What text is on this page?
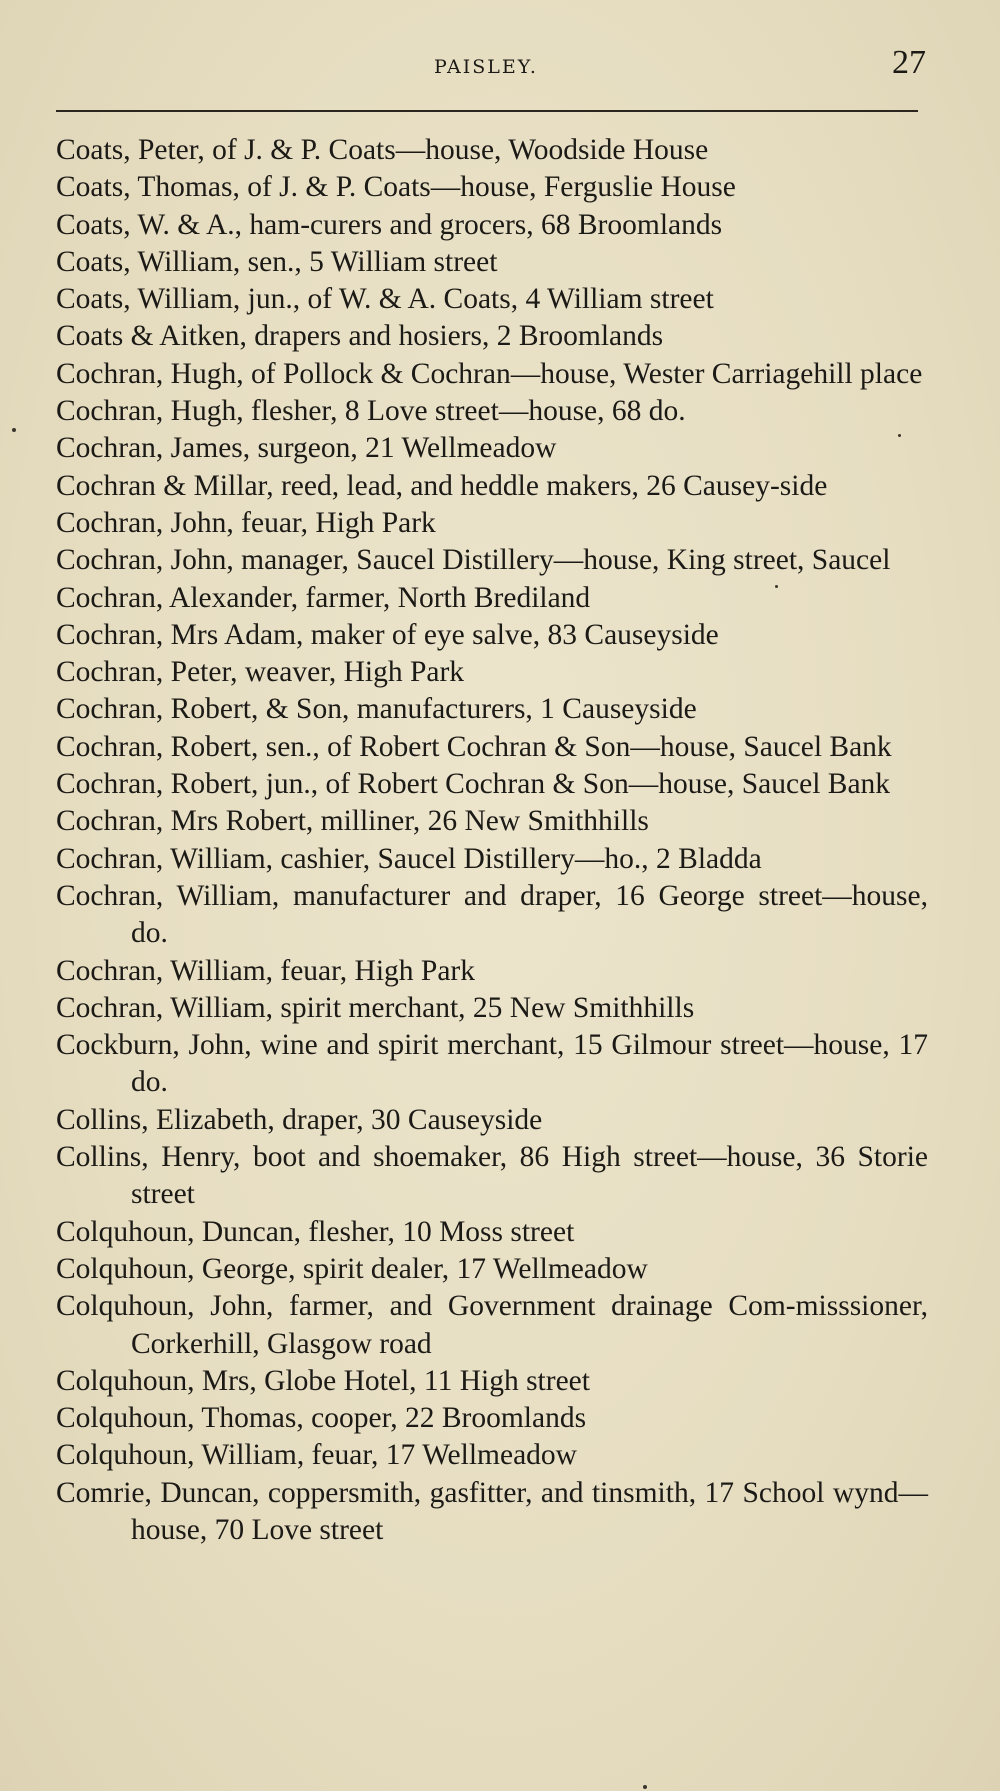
PAISLEY.	27
Coats, Peter, of J. & P. Coats—house, Woodside House
Coats, Thomas, of J. & P. Coats—house, Ferguslie House
Coats, W. & A., ham-curers and grocers, 68 Broomlands
Coats, William, sen., 5 William street
Coats, William, jun., of W. & A. Coats, 4 William street
Coats & Aitken, drapers and hosiers, 2 Broomlands
Cochran, Hugh, of Pollock & Cochran—house, Wester Carriagehill place
Cochran, Hugh, flesher, 8 Love street—house, 68 do.
Cochran, James, surgeon, 21 Wellmeadow
Cochran & Millar, reed, lead, and heddle makers, 26 Causey-side
Cochran, John, feuar, High Park
Cochran, John, manager, Saucel Distillery—house, King street, Saucel
Cochran, Alexander, farmer, North Brediland
Cochran, Mrs Adam, maker of eye salve, 83 Causeyside
Cochran, Peter, weaver, High Park
Cochran, Robert, & Son, manufacturers, 1 Causeyside
Cochran, Robert, sen., of Robert Cochran & Son—house, Saucel Bank
Cochran, Robert, jun., of Robert Cochran & Son—house, Saucel Bank
Cochran, Mrs Robert, milliner, 26 New Smithhills
Cochran, William, cashier, Saucel Distillery—ho., 2 Bladda
Cochran, William, manufacturer and draper, 16 George street—house, do.
Cochran, William, feuar, High Park
Cochran, William, spirit merchant, 25 New Smithhills
Cockburn, John, wine and spirit merchant, 15 Gilmour street—house, 17 do.
Collins, Elizabeth, draper, 30 Causeyside
Collins, Henry, boot and shoemaker, 86 High street—house, 36 Storie street
Colquhoun, Duncan, flesher, 10 Moss street
Colquhoun, George, spirit dealer, 17 Wellmeadow
Colquhoun, John, farmer, and Government drainage Com-misssioner, Corkerhill, Glasgow road
Colquhoun, Mrs, Globe Hotel, 11 High street
Colquhoun, Thomas, cooper, 22 Broomlands
Colquhoun, William, feuar, 17 Wellmeadow
Comrie, Duncan, coppersmith, gasfitter, and tinsmith, 17 School wynd—house, 70 Love street
